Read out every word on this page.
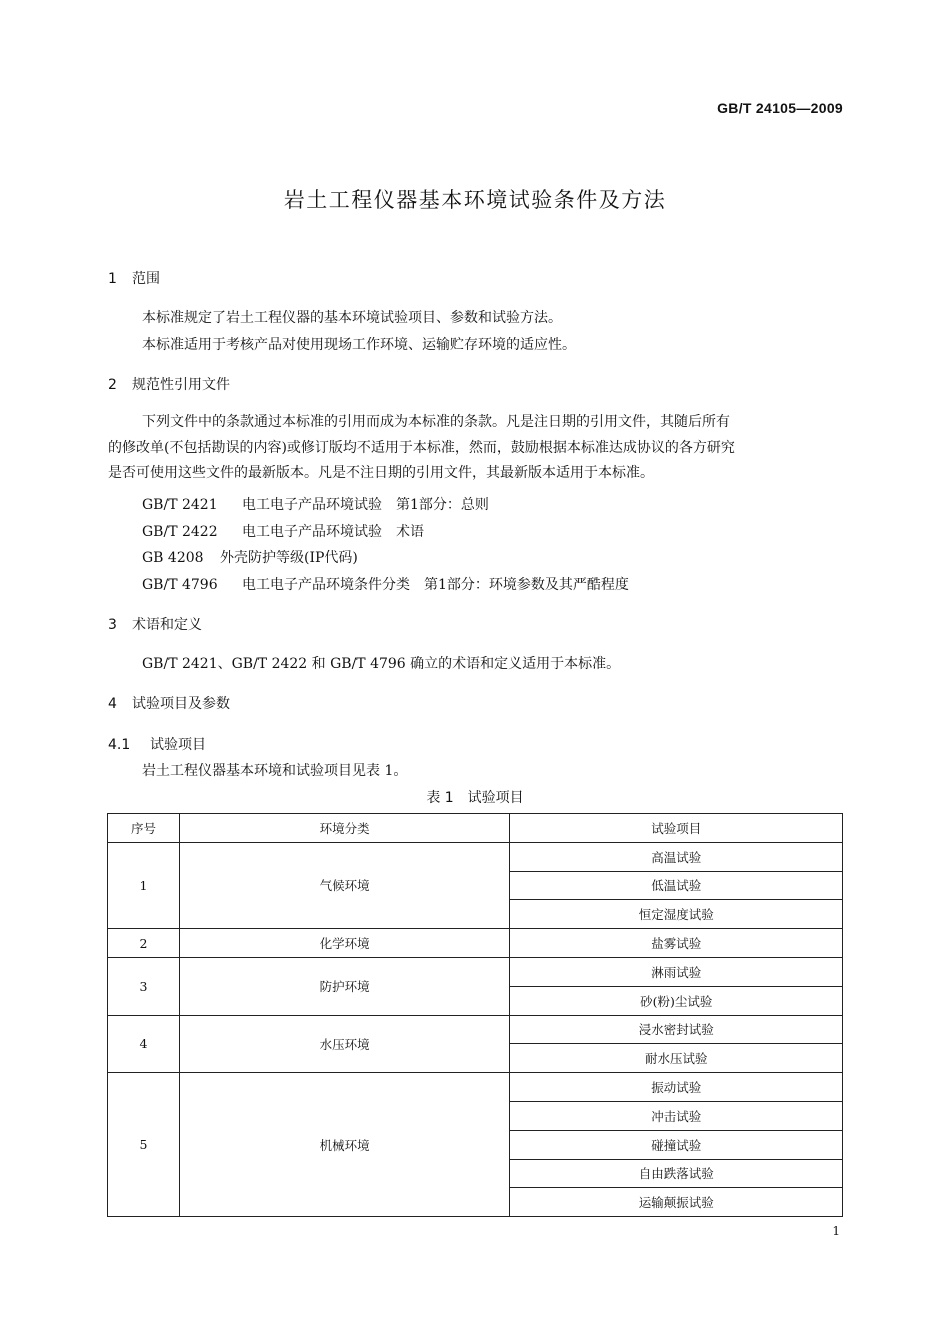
GB/T 24105—2009
岩土工程仪器基本环境试验条件及方法
1 范围
本标准规定了岩土工程仪器的基本环境试验项目、参数和试验方法。
本标准适用于考核产品对使用现场工作环境、运输贮存环境的适应性。
2 规范性引用文件
下列文件中的条款通过本标准的引用而成为本标准的条款。凡是注日期的引用文件，其随后所有
的修改单(不包括勘误的内容)或修订版均不适用于本标准，然而，鼓励根据本标准达成协议的各方研究
是否可使用这些文件的最新版本。凡是不注日期的引用文件，其最新版本适用于本标准。
GB/T 2421 电工电子产品环境试验　第1部分：总则
GB/T 2422 电工电子产品环境试验　术语
GB 4208 外壳防护等级(IP代码)
GB/T 4796 电工电子产品环境条件分类　第1部分：环境参数及其严酷程度
3 术语和定义
GB/T 2421、GB/T 2422 和 GB/T 4796 确立的术语和定义适用于本标准。
4 试验项目及参数
4.1 试验项目
岩土工程仪器基本环境和试验项目见表 1。
表 1　试验项目
序号	环境分类	试验项目
1	气候环境	高温试验
		低温试验
		恒定湿度试验
2	化学环境	盐雾试验
3	防护环境	淋雨试验
		砂(粉)尘试验
4	水压环境	浸水密封试验
		耐水压试验
5	机械环境	振动试验
		冲击试验
		碰撞试验
		自由跌落试验
		运输颠振试验
1
